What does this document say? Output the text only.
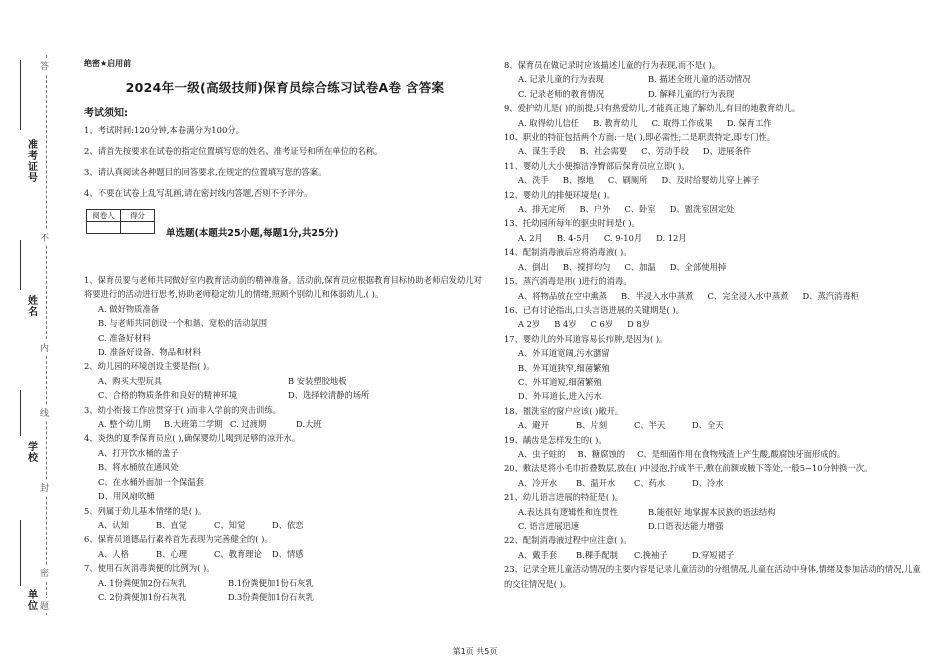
答
不
内
线
封
密
题
准考证号
姓名
学校
单位
绝密★启用前
2024年一级(高级技师)保育员综合练习试卷A卷 含答案
考试须知:
1、考试时间:120分钟,本卷满分为100分。
2、请首先按要求在试卷的指定位置填写您的姓名、准考证号和所在单位的名称。
3、请认真阅读各种题目的回答要求,在规定的位置填写您的答案。
4、不要在试卷上乱写乱画,请在密封线内答题,否则不予评分。
阅卷人	得分

单选题(本题共25小题,每题1分,共25分)
1、保育员要与老师共同做好室内教育活动前的精神准备。活动前,保育员应根据教育目标协助老师启发幼儿对将要进行的活动进行思考,协助老师稳定幼儿的情绪,照顾个别幼儿和体弱幼儿,( )。
A. 做好物质准备
B. 与老师共同创设一个和谐、宽松的活动氛围
C. 准备好材料
D. 准备好设备、物品和材料
2、幼儿园的环境创设主要是指( )。
A、购买大型玩具	B 安装塑胶地板
C、合格的物质条件和良好的精神环境	D、选择较清静的场所
3、幼小衔接工作应贯穿于( )而非入学前的突击训练。
A. 整个幼儿期 B.大班第二学期 C. 过渡期	D.大班
4、炎热的夏季保育员应( ),确保婴幼儿喝到足够的凉开水。
A、打开饮水桶的盖子
B、将水桶放在通风处
C、在水桶外面加一个保温套
D、用风扇吹桶
5、列属于幼儿基本情绪的是( )。
A、认知	B、直觉	C、知觉	D、依恋
6、保育员道德品行素养首先表现为完善健全的( )。
A、人格	B、心理	C、教育理论 D、情感
7、使用石灰消毒粪便的比例为( )。
A. 1份粪便加2份石灰乳	B.1份粪便加1份石灰乳
C. 2份粪便加1份石灰乳	D.3份粪便加1份石灰乳
8、保育员在做记录时应该描述儿童的行为表现,而不是( )。
A. 记录儿童的行为表现	B. 描述全班儿童的活动情况
C. 记录老师的教育情况	D. 解释儿童的行为表现
9、爱护幼儿是( )的前提,只有热爱幼儿,才能真正地了解幼儿,有目的地教育幼儿。
A. 取得幼儿信任 B. 教育幼儿 C. 取得工作成果 D. 保育工作
10、职业的特征包括两个方面:一是( ),即必需性;二是职责特定,即专门性。
A、谋生手段 B、社会需要 C、劳动手段 D、进展条件
11、婴幼儿大小便擦洁净臀部后保育员应立即( )。
A、洗手 B、擦地 C、刷厕所 D、及时给婴幼儿穿上裤子
12、婴幼儿的排便环境是( )。
A、排无定所 B、户外 C、卧室 D、盥洗室固定处
13、托幼园所每年的驱虫时间是( )。
A. 2月 B. 4-5月 C. 9-10月 D. 12月
14、配制消毒液后应将消毒液( )。
A、倒出 B、搅拌均匀 C、加温 D、全部使用掉
15、蒸汽消毒是用( )进行的消毒。
A、将物品放在空中熏蒸 B、半浸入水中蒸煮 C、完全浸入水中蒸煮 D、蒸汽消毒柜
16、已有讨论指出,口头言语进展的关键期是( )。
A 2岁 B 4岁 C 6岁 D 8岁
17、婴幼儿的外耳道容易长疖肿,是因为( )。
A、外耳道宽阔,污水潴留
B、外耳道狭窄,细菌繁殖
C、外耳道短,细菌繁殖
D、外耳道长,进入污水
18、盥洗室的窗户应该( )敞开。
A、避开	B、片刻	C、半天	D、全天
19、龋齿是怎样发生的( )。
A、虫子蛀的 B、糖腐蚀的 C、是细菌作用在食物残渣上产生酸,酸腐蚀牙面形成的。
20、敷法是将小毛巾折叠数层,放在( )中浸泡,拧成半干,敷在前额或腋下等处,一般5~10分钟换一次。
A、冷开水 B、温开水 C、药水	D、冷水
21、幼儿语言进展的特征是( )。
A.表达具有逻辑性和连贯性	B.能很好 地掌握本民族的语法结构
C. 语言进展迅速	D.口语表达能力增强
22、配制消毒液过程中应注意( )。
A、戴手套 B.稞手配制 C.挽袖子	D.穿短裙子
23、记录全班儿童活动情况的主要内容是记录儿童活动的分组情况,儿童在活动中身体,情绪及参加活动的情况,儿童的交往情况是( )。
第1页 共5页
